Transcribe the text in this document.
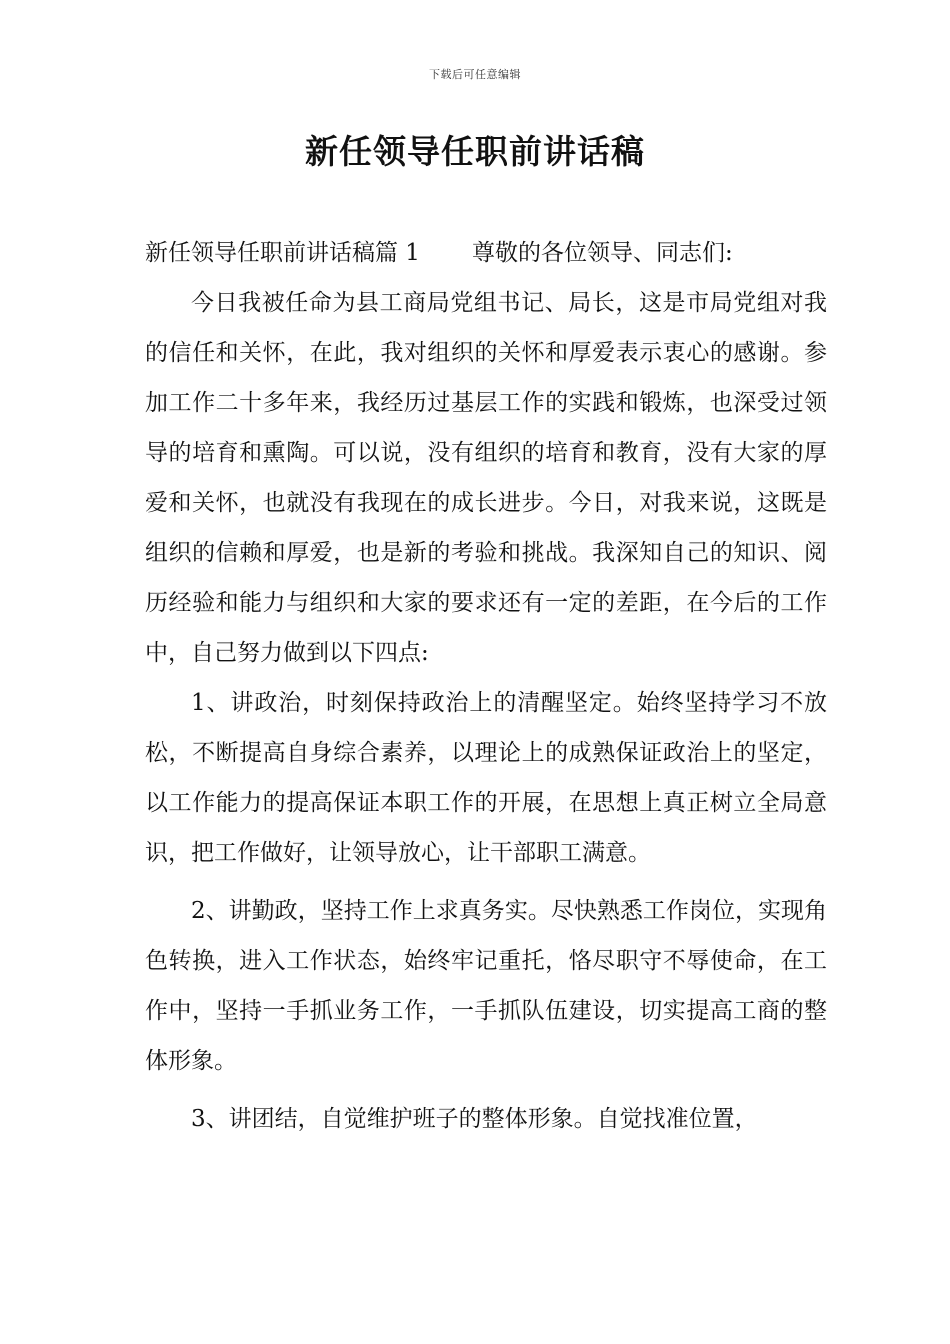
下载后可任意编辑
新任领导任职前讲话稿

新任领导任职前讲话稿篇 1 尊敬的各位领导、同志们:

今日我被任命为县工商局党组书记、局长，这是市局党组对我的信任和关怀，在此，我对组织的关怀和厚爱表示衷心的感谢。参加工作二十多年来，我经历过基层工作的实践和锻炼，也深受过领导的培育和熏陶。可以说，没有组织的培育和教育，没有大家的厚爱和关怀，也就没有我现在的成长进步。今日，对我来说，这既是组织的信赖和厚爱，也是新的考验和挑战。我深知自己的知识、阅历经验和能力与组织和大家的要求还有一定的差距，在今后的工作中，自己努力做到以下四点:

1、讲政治，时刻保持政治上的清醒坚定。始终坚持学习不放松，不断提高自身综合素养，以理论上的成熟保证政治上的坚定，以工作能力的提高保证本职工作的开展，在思想上真正树立全局意识，把工作做好，让领导放心，让干部职工满意。

2、讲勤政，坚持工作上求真务实。尽快熟悉工作岗位，实现角色转换，进入工作状态，始终牢记重托，恪尽职守不辱使命，在工作中，坚持一手抓业务工作，一手抓队伍建设，切实提高工商的整体形象。

3、讲团结，自觉维护班子的整体形象。自觉找准位置，
